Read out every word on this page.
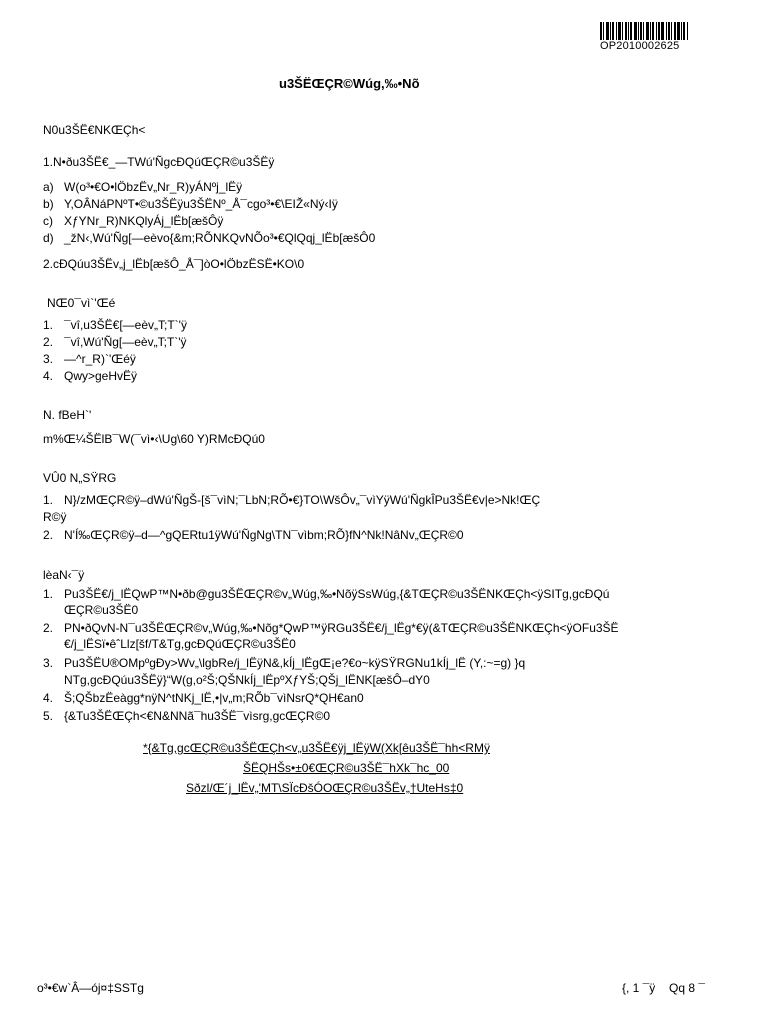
OP2010002625
u3ŠËŒÇR©Wúg,‰•Nõ
N0u3ŠË€NKŒÇh<
1.N•ðu3ŠË€_—TWú'ÑgcÐQúŒÇR©u3ŠËÿ
a) W(o³•€O•lÖbzËv„Nr_R)yÁNºj_lËÿ
b) Y,OÂNáPNºT•©u3ŠËÿu3ŠËNº_Å¯cgo³•€\EIŽ«Ný‹Iÿ
c) XƒYNr_R)NKQlyÁj_lËb[æšÔÿ
d) _žN‹,Wú'Ñg[—eèvo{&m;RÕNKQvNÕo³•€QlQqj_lËb[æšÔ0
2.cÐQúu3ŠËv„j_lËb[æšÔ_Å¯]òO•lÖbzËSË•KO\0
NŒ0¯vì`'Œé
1. ¯vî,u3ŠË€[—eèv„T;T`'ÿ
2. ¯vî,Wú'Ñg[—eèv„T;T`'ÿ
3. —^r_R)`'Œéÿ
4. Qwy>geHvËÿ
N. fBeH`'
m%Œ¼ŠËlB¯W(¯vì•‹\Ug\60 Y)RMcÐQú0
VÛ0 N„SŸRG
1. N}/zMŒÇR©ÿ–dWú'ÑgŠ-[š¯vìN;¯LbN;RÕ•€}TO\WšÔv„¯vìYÿWú'ÑgkÎPu3ŠË€v|e>Nk!ŒÇ
R©ÿ
2. N'Í‰ŒÇR©ÿ–d—^gQERtu1ÿWú'ÑgNg\TN¯vìbm;RÕ}fN^Nk!NâNv„ŒÇR©0
lèaN‹¯ÿ
1. Pu3ŠË€/j_lËQwP™N•ðb@gu3ŠËŒÇR©v„Wúg,‰•NõÿSsWúg,{&TŒÇR©u3ŠËNKŒÇh<ÿSITg,gcÐQú
ŒÇR©u3ŠË0
2. PN•ðQvN-N¯u3ŠËŒÇR©v„Wúg,‰•Nõg*QwP™ÿRGu3ŠË€/j_lËg*€ÿ(&TŒÇR©u3ŠËNKŒÇh<ÿOFu3ŠË
€/j_lËSï•êˆLlz[šf/T&Tg,gcÐQúŒÇR©u3ŠË0
3. Pu3ŠËU®OMpºgÐy>Wv„\lgbRe/j_lËÿN&,kÍj_lËgŒ¡e?€o~kÿSŸRGNu1kÍj_lË (Y,:~=g) }q
NTg,gcÐQúu3ŠËÿ}“W(g,o²Š;QŠNkÍj_lËpºXƒYŠ;QŠj_lËNK[æšÔ–dY0
4. Š;QŠbzËeàgg*nÿN^tNKj_lË,•|v„m;RÕb¯vìNsrQ*QH€an0
5. {&Tu3ŠËŒÇh<€N&NNã¯hu3ŠË¯vìsrg,gcŒÇR©0
*{&Tg,gcŒÇR©u3ŠËŒÇh<v„u3ŠË€ÿj_lËÿW(Xk[êu3ŠË¯hh<RMÿ
ŠËQHŠs•±0€ŒÇR©u3ŠË¯hXk¯hc_00
Sðzl/Œ´j_lËv„'MT\SÏcÐšÓOŒÇR©u3ŠËv„†UteHs‡0
o³•€w`Â—ój¤‡SSTg	{, 1 ¯ÿ Qq 8 ¯
